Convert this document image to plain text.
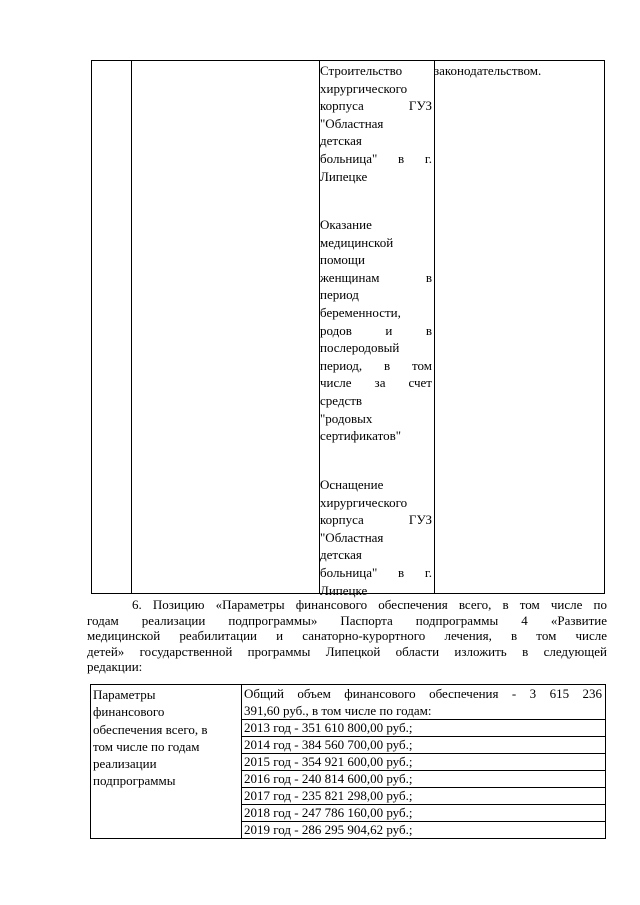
Строительство
хирургического
корпуса ГУЗ
"Областная
детская
больница" в г.
Липецке
Оказание
медицинской
помощи
женщинам в
период
беременности,
родов и в
послеродовый
период, в том
числе за счет
средств
"родовых
сертификатов"
Оснащение
хирургического
корпуса ГУЗ
"Областная
детская
больница" в г.
Липецке
законодательством.
6. Позицию «Параметры финансового обеспечения всего, в том числе по
годам реализации подпрограммы» Паспорта подпрограммы 4 «Развитие
медицинской реабилитации и санаторно-курортного лечения, в том числе
детей» государственной программы Липецкой области изложить в следующей
редакции:
Параметры
финансового
обеспечения всего, в
том числе по годам
реализации
подпрограммы
Общий объем финансового обеспечения - 3 615 236
391,60 руб., в том числе по годам:
2013 год - 351 610 800,00 руб.;
2014 год - 384 560 700,00 руб.;
2015 год - 354 921 600,00 руб.;
2016 год - 240 814 600,00 руб.;
2017 год - 235 821 298,00 руб.;
2018 год - 247 786 160,00 руб.;
2019 год - 286 295 904,62 руб.;
